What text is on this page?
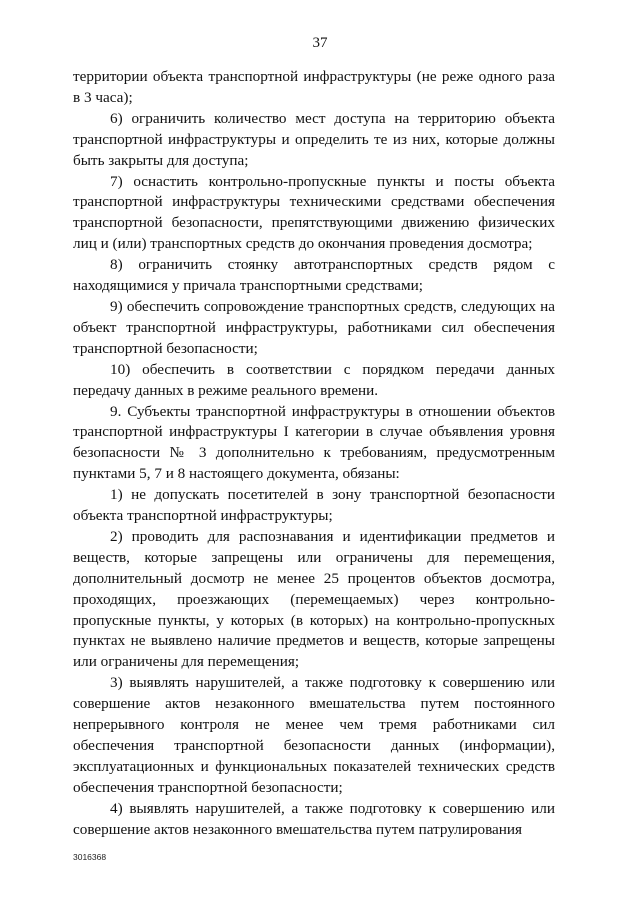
37

территории объекта транспортной инфраструктуры (не реже одного раза в 3 часа);

6) ограничить количество мест доступа на территорию объекта транспортной инфраструктуры и определить те из них, которые должны быть закрыты для доступа;

7) оснастить контрольно-пропускные пункты и посты объекта транспортной инфраструктуры техническими средствами обеспечения транспортной безопасности, препятствующими движению физических лиц и (или) транспортных средств до окончания проведения досмотра;

8) ограничить стоянку автотранспортных средств рядом с находящимися у причала транспортными средствами;

9) обеспечить сопровождение транспортных средств, следующих на объект транспортной инфраструктуры, работниками сил обеспечения транспортной безопасности;

10) обеспечить в соответствии с порядком передачи данных передачу данных в режиме реального времени.

9. Субъекты транспортной инфраструктуры в отношении объектов транспортной инфраструктуры I категории в случае объявления уровня безопасности № 3 дополнительно к требованиям, предусмотренным пунктами 5, 7 и 8 настоящего документа, обязаны:

1) не допускать посетителей в зону транспортной безопасности объекта транспортной инфраструктуры;

2) проводить для распознавания и идентификации предметов и веществ, которые запрещены или ограничены для перемещения, дополнительный досмотр не менее 25 процентов объектов досмотра, проходящих, проезжающих (перемещаемых) через контрольно-пропускные пункты, у которых (в которых) на контрольно-пропускных пунктах не выявлено наличие предметов и веществ, которые запрещены или ограничены для перемещения;

3) выявлять нарушителей, а также подготовку к совершению или совершение актов незаконного вмешательства путем постоянного непрерывного контроля не менее чем тремя работниками сил обеспечения транспортной безопасности данных (информации), эксплуатационных и функциональных показателей технических средств обеспечения транспортной безопасности;

4) выявлять нарушителей, а также подготовку к совершению или совершение актов незаконного вмешательства путем патрулирования

3016368
